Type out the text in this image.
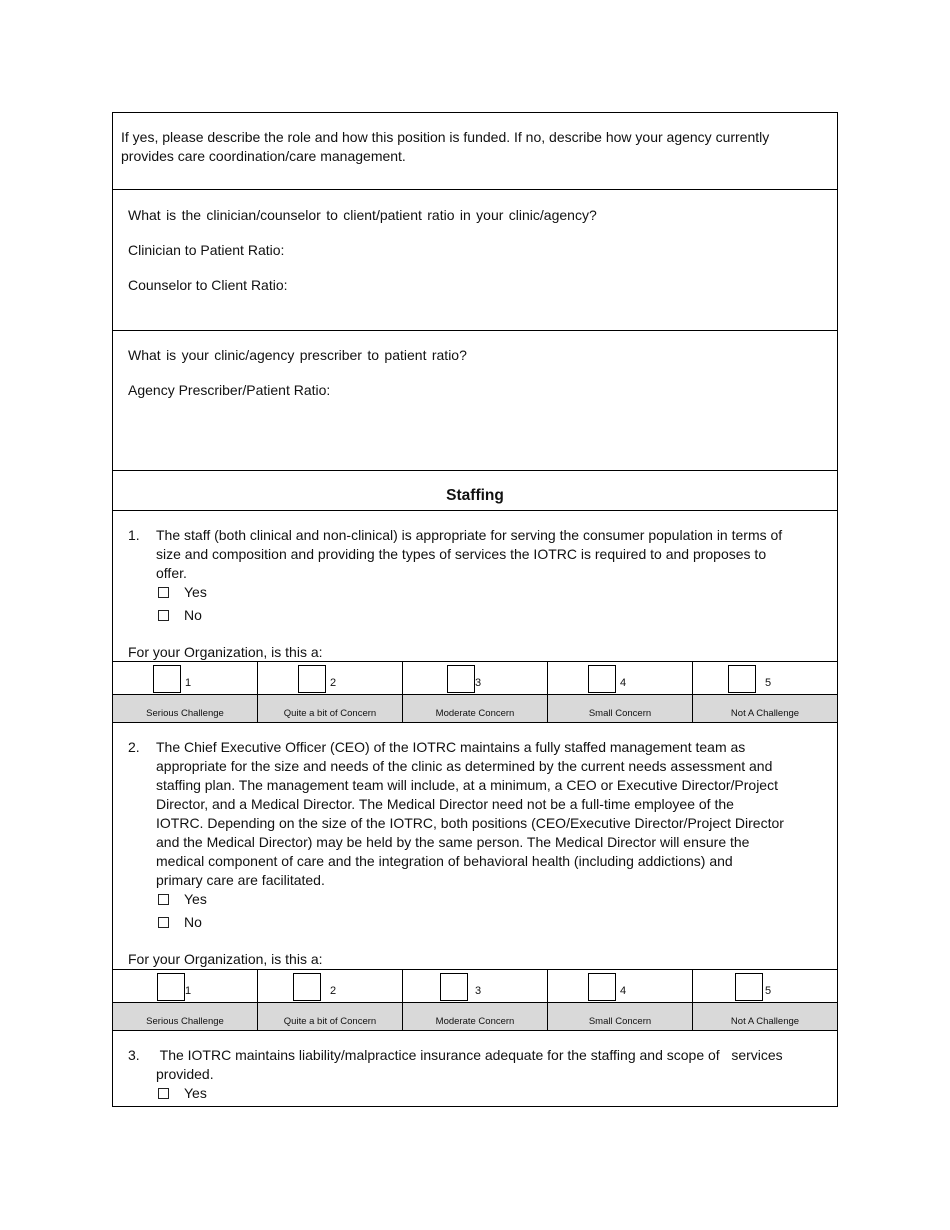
If yes, please describe the role and how this position is funded. If no, describe how your agency currently provides care coordination/care management.
What is the clinician/counselor to client/patient ratio in your clinic/agency?
Clinician to Patient Ratio:
Counselor to Client Ratio:
What is your clinic/agency prescriber to patient ratio?
Agency Prescriber/Patient Ratio:
Staffing
1. The staff (both clinical and non-clinical) is appropriate for serving the consumer population in terms of
size and composition and providing the types of services the IOTRC is required to and proposes to
offer.
Yes
No
For your Organization, is this a:
1
Serious Challenge
2
Quite a bit of Concern
3
Moderate Concern
4
Small Concern
5
Not A Challenge
2. The Chief Executive Officer (CEO) of the IOTRC maintains a fully staffed management team as
appropriate for the size and needs of the clinic as determined by the current needs assessment and
staffing plan. The management team will include, at a minimum, a CEO or Executive Director/Project
Director, and a Medical Director. The Medical Director need not be a full-time employee of the
IOTRC. Depending on the size of the IOTRC, both positions (CEO/Executive Director/Project Director
and the Medical Director) may be held by the same person. The Medical Director will ensure the
medical component of care and the integration of behavioral health (including addictions) and
primary care are facilitated.
Yes
No
For your Organization, is this a:
1
Serious Challenge
2
Quite a bit of Concern
3
Moderate Concern
4
Small Concern
5
Not A Challenge
3. The IOTRC maintains liability/malpractice insurance adequate for the staffing and scope of   services
provided.
Yes
